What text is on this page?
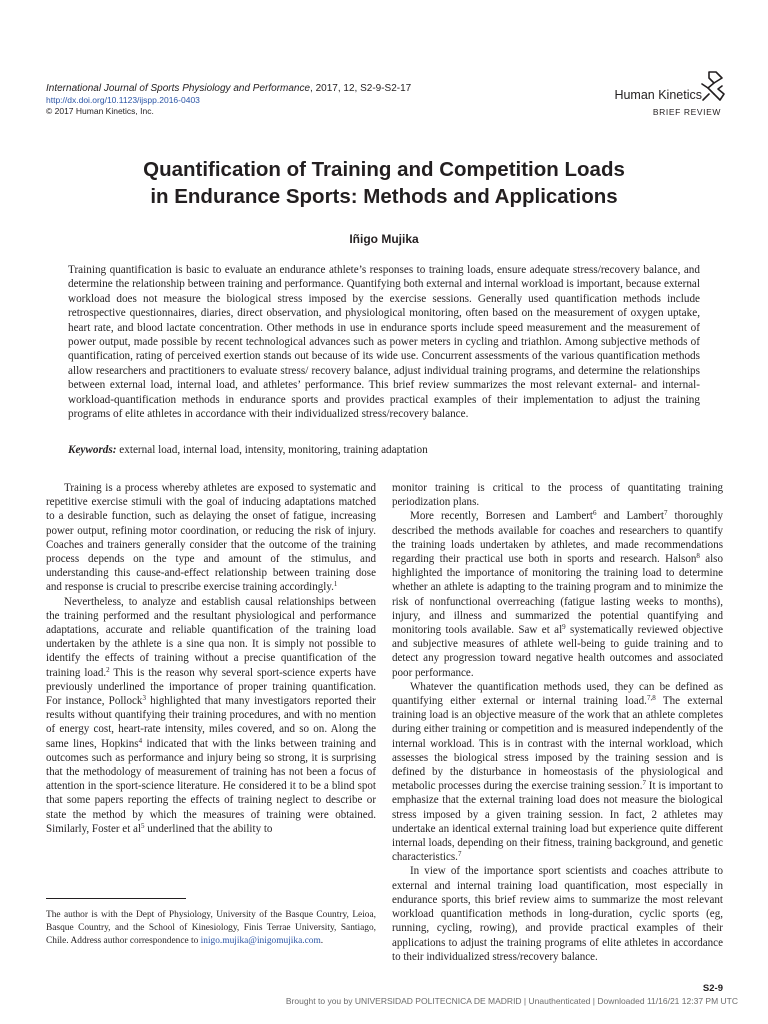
International Journal of Sports Physiology and Performance, 2017, 12, S2-9-S2-17
http://dx.doi.org/10.1123/ijspp.2016-0403
© 2017 Human Kinetics, Inc.
Human Kinetics
BRIEF REVIEW
Quantification of Training and Competition Loads
in Endurance Sports: Methods and Applications
Iñigo Mujika

Training quantification is basic to evaluate an endurance athlete’s responses to training loads, ensure adequate stress/recovery balance, and determine the relationship between training and performance. Quantifying both external and internal workload is important, because external workload does not measure the biological stress imposed by the exercise sessions. Generally used quantification methods include retrospective questionnaires, diaries, direct observation, and physiological monitoring, often based on the measurement of oxygen uptake, heart rate, and blood lactate concentration. Other methods in use in endurance sports include speed measurement and the measurement of power output, made possible by recent technological advances such as power meters in cycling and triathlon. Among subjective methods of quantification, rating of perceived exertion stands out because of its wide use. Concurrent assessments of the various quantification methods allow researchers and practitioners to evaluate stress/ recovery balance, adjust individual training programs, and determine the relationships between external load, internal load, and athletes’ performance. This brief review summarizes the most relevant external- and internal-workload-quantification methods in endurance sports and provides practical examples of their implementation to adjust the training programs of elite athletes in accordance with their individualized stress/recovery balance.

Keywords: external load, internal load, intensity, monitoring, training adaptation

Training is a process whereby athletes are exposed to systematic and repetitive exercise stimuli with the goal of inducing adaptations matched to a desirable function, such as delaying the onset of fatigue, increasing power output, refining motor coordination, or reducing the risk of injury. Coaches and trainers generally consider that the outcome of the training process depends on the type and amount of the stimulus, and understanding this cause-and-effect relationship between training dose and response is crucial to prescribe exercise training accordingly.$^1$

Nevertheless, to analyze and establish causal relationships between the training performed and the resultant physiological and performance adaptations, accurate and reliable quantification of the training load undertaken by the athlete is a sine qua non. It is simply not possible to identify the effects of training without a precise quantification of the training load.$^2$ This is the reason why several sport-science experts have previously underlined the importance of proper training quantification. For instance, Pollock$^3$ highlighted that many investigators reported their results without quantifying their training procedures, and with no mention of energy cost, heart-rate intensity, miles covered, and so on. Along the same lines, Hopkins$^4$ indicated that with the links between training and outcomes such as performance and injury being so strong, it is surprising that the methodology of measurement of training has not been a focus of attention in the sport-science literature. He considered it to be a blind spot that some papers reporting the effects of training neglect to describe or state the method by which the measures of training were obtained. Similarly, Foster et $al^5$ underlined that the ability to

monitor training is critical to the process of quantitating training periodization plans.

More recently, Borresen and Lambert$^6$ and Lambert$^7$ thoroughly described the methods available for coaches and researchers to quantify the training loads undertaken by athletes, and made recommendations regarding their practical use both in sports and research. Halson$^8$ also highlighted the importance of monitoring the training load to determine whether an athlete is adapting to the training program and to minimize the risk of nonfunctional overreaching (fatigue lasting weeks to months), injury, and illness and summarized the potential quantifying and monitoring tools available. Saw et $al^9$ systematically reviewed objective and subjective measures of athlete well-being to guide training and to detect any progression toward negative health outcomes and associated poor performance.

Whatever the quantification methods used, they can be defined as quantifying either external or internal training load.$^{7,8}$ The external training load is an objective measure of the work that an athlete completes during either training or competition and is measured independently of the internal workload. This is in contrast with the internal workload, which assesses the biological stress imposed by the training session and is defined by the disturbance in homeostasis of the physiological and metabolic processes during the exercise training session.$^7$ It is important to emphasize that the external training load does not measure the biological stress imposed by a given training session. In fact, 2 athletes may undertake an identical external training load but experience quite different internal loads, depending on their fitness, training background, and genetic characteristics.$^7$

In view of the importance sport scientists and coaches attribute to external and internal training load quantification, most especially in endurance sports, this brief review aims to summarize the most relevant workload quantification methods in long-duration, cyclic sports (eg, running, cycling, rowing), and provide practical examples of their applications to adjust the training programs of elite athletes in accordance to their individualized stress/recovery balance.

The author is with the Dept of Physiology, University of the Basque Country, Leioa, Basque Country, and the School of Kinesiology, Finis Terrae University, Santiago, Chile. Address author correspondence to inigo.mujika@inigomujika.com.

S2-9
Brought to you by UNIVERSIDAD POLITECNICA DE MADRID | Unauthenticated | Downloaded 11/16/21 12:37 PM UTC
